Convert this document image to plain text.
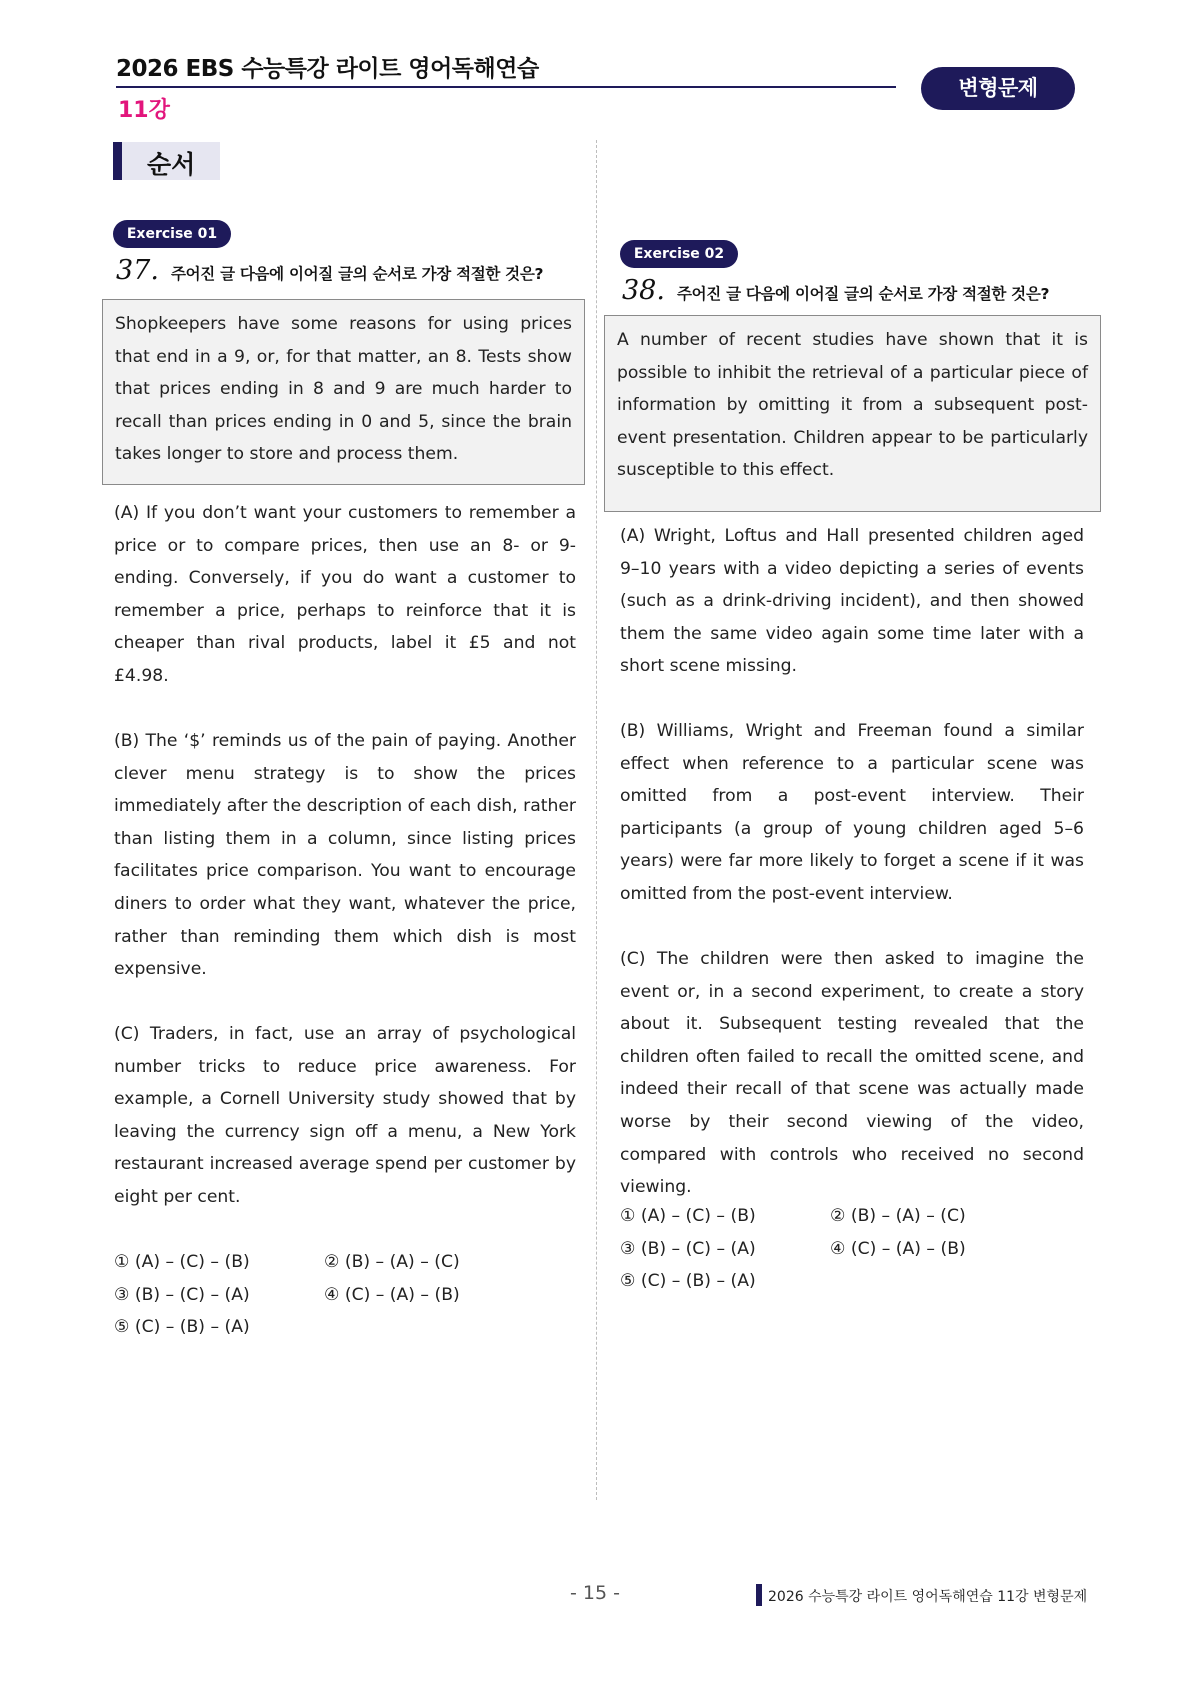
2026 EBS 수능특강 라이트 영어독해연습
11강
변형문제
순서
Exercise 01
37. 주어진 글 다음에 이어질 글의 순서로 가장 적절한 것은?

Shopkeepers have some reasons for using prices that end in a 9, or, for that matter, an 8. Tests show that prices ending in 8 and 9 are much harder to recall than prices ending in 0 and 5, since the brain takes longer to store and process them.

(A) If you don’t want your customers to remember a price or to compare prices, then use an 8- or 9-ending. Conversely, if you do want a customer to remember a price, perhaps to reinforce that it is cheaper than rival products, label it £5 and not £4.98.

(B) The ‘$’ reminds us of the pain of paying. Another clever menu strategy is to show the prices immediately after the description of each dish, rather than listing them in a column, since listing prices facilitates price comparison. You want to encourage diners to order what they want, whatever the price, rather than reminding them which dish is most expensive.

(C) Traders, in fact, use an array of psychological number tricks to reduce price awareness. For example, a Cornell University study showed that by leaving the currency sign off a menu, a New York restaurant increased average spend per customer by eight per cent.

① (A) – (C) – (B)	② (B) – (A) – (C)
③ (B) – (C) – (A)	④ (C) – (A) – (B)
⑤ (C) – (B) – (A)
Exercise 02
38. 주어진 글 다음에 이어질 글의 순서로 가장 적절한 것은?

A number of recent studies have shown that it is possible to inhibit the retrieval of a particular piece of information by omitting it from a subsequent post-event presentation. Children appear to be particularly susceptible to this effect.

(A) Wright, Loftus and Hall presented children aged 9–10 years with a video depicting a series of events (such as a drink-driving incident), and then showed them the same video again some time later with a short scene missing.

(B) Williams, Wright and Freeman found a similar effect when reference to a particular scene was omitted from a post-event interview. Their participants (a group of young children aged 5–6 years) were far more likely to forget a scene if it was omitted from the post-event interview.

(C) The children were then asked to imagine the event or, in a second experiment, to create a story about it. Subsequent testing revealed that the children often failed to recall the omitted scene, and indeed their recall of that scene was actually made worse by their second viewing of the video, compared with controls who received no second viewing.

① (A) – (C) – (B)	② (B) – (A) – (C)
③ (B) – (C) – (A)	④ (C) – (A) – (B)
⑤ (C) – (B) – (A)
- 15 -	2026 수능특강 라이트 영어독해연습 11강 변형문제
